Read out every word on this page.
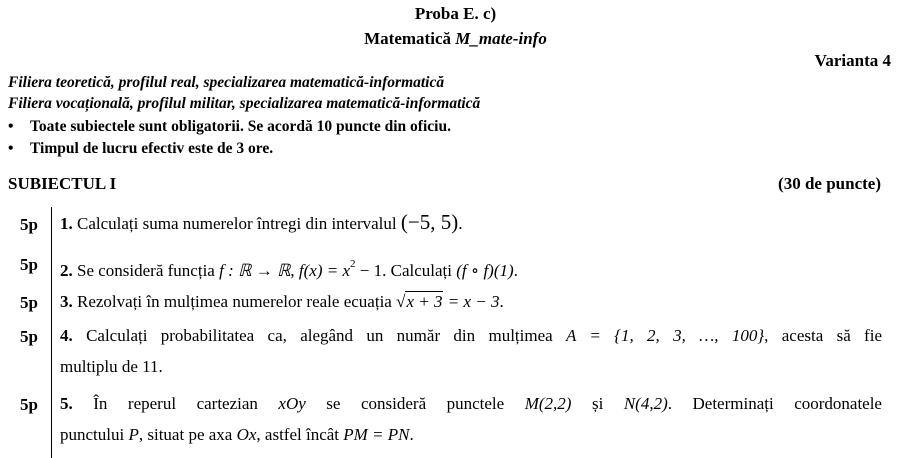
Proba E. c)
Matematică M_mate-info
Varianta 4
Filiera teoretică, profilul real, specializarea matematică-informatică
Filiera vocațională, profilul militar, specializarea matematică-informatică
• Toate subiectele sunt obligatorii. Se acordă 10 puncte din oficiu.
• Timpul de lucru efectiv este de 3 ore.
SUBIECTUL I	(30 de puncte)
5p 1. Calculați suma numerelor întregi din intervalul (−5, 5).
5p 2. Se consideră funcția f : ℝ → ℝ, $f(x) = x^2 - 1$. Calculați (f ∘ f)(1).
5p 3. Rezolvați în mulțimea numerelor reale ecuația √x + 3 = x − 3.
5p 4. Calculați probabilitatea ca, alegând un număr din mulțimea A = {1, 2, 3, …, 100}, acesta să fie
multiplu de 11.
5p 5. În reperul cartezian xOy se consideră punctele M(2,2) și N(4,2). Determinați coordonatele
punctului P, situat pe axa Ox, astfel încât PM = PN.
